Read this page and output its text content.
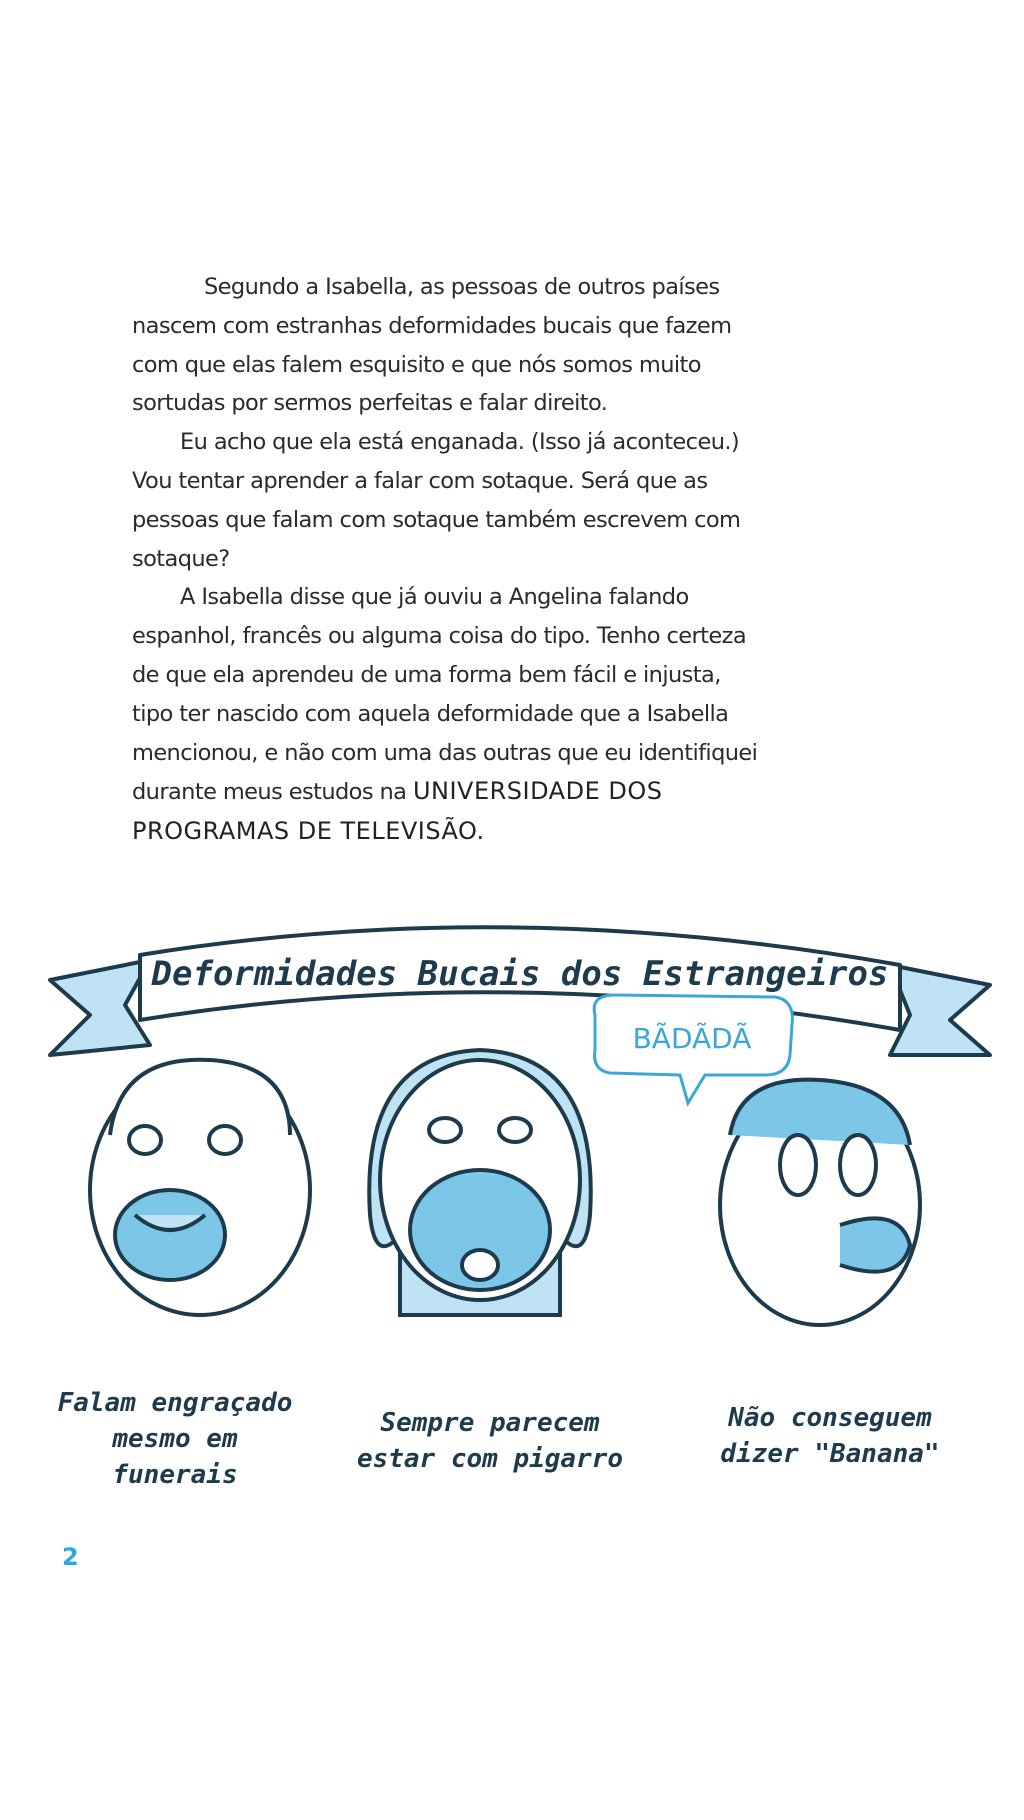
Segundo a Isabella, as pessoas de outros países
nascem com estranhas deformidades bucais que fazem
com que elas falem esquisito e que nós somos muito
sortudas por sermos perfeitas e falar direito.
Eu acho que ela está enganada. (Isso já aconteceu.)
Vou tentar aprender a falar com sotaque. Será que as
pessoas que falam com sotaque também escrevem com
sotaque?
A Isabella disse que já ouviu a Angelina falando
espanhol, francês ou alguma coisa do tipo. Tenho certeza
de que ela aprendeu de uma forma bem fácil e injusta,
tipo ter nascido com aquela deformidade que a Isabella
mencionou, e não com uma das outras que eu identifiquei
durante meus estudos na UNIVERSIDADE DOS
PROGRAMAS DE TELEVISÃO.
Deformidades Bucais dos Estrangeiros
BÃDÃDÃ
Falam engraçado
mesmo em
funerais
Sempre parecem
estar com pigarro
Não conseguem
dizer "Banana"
2
